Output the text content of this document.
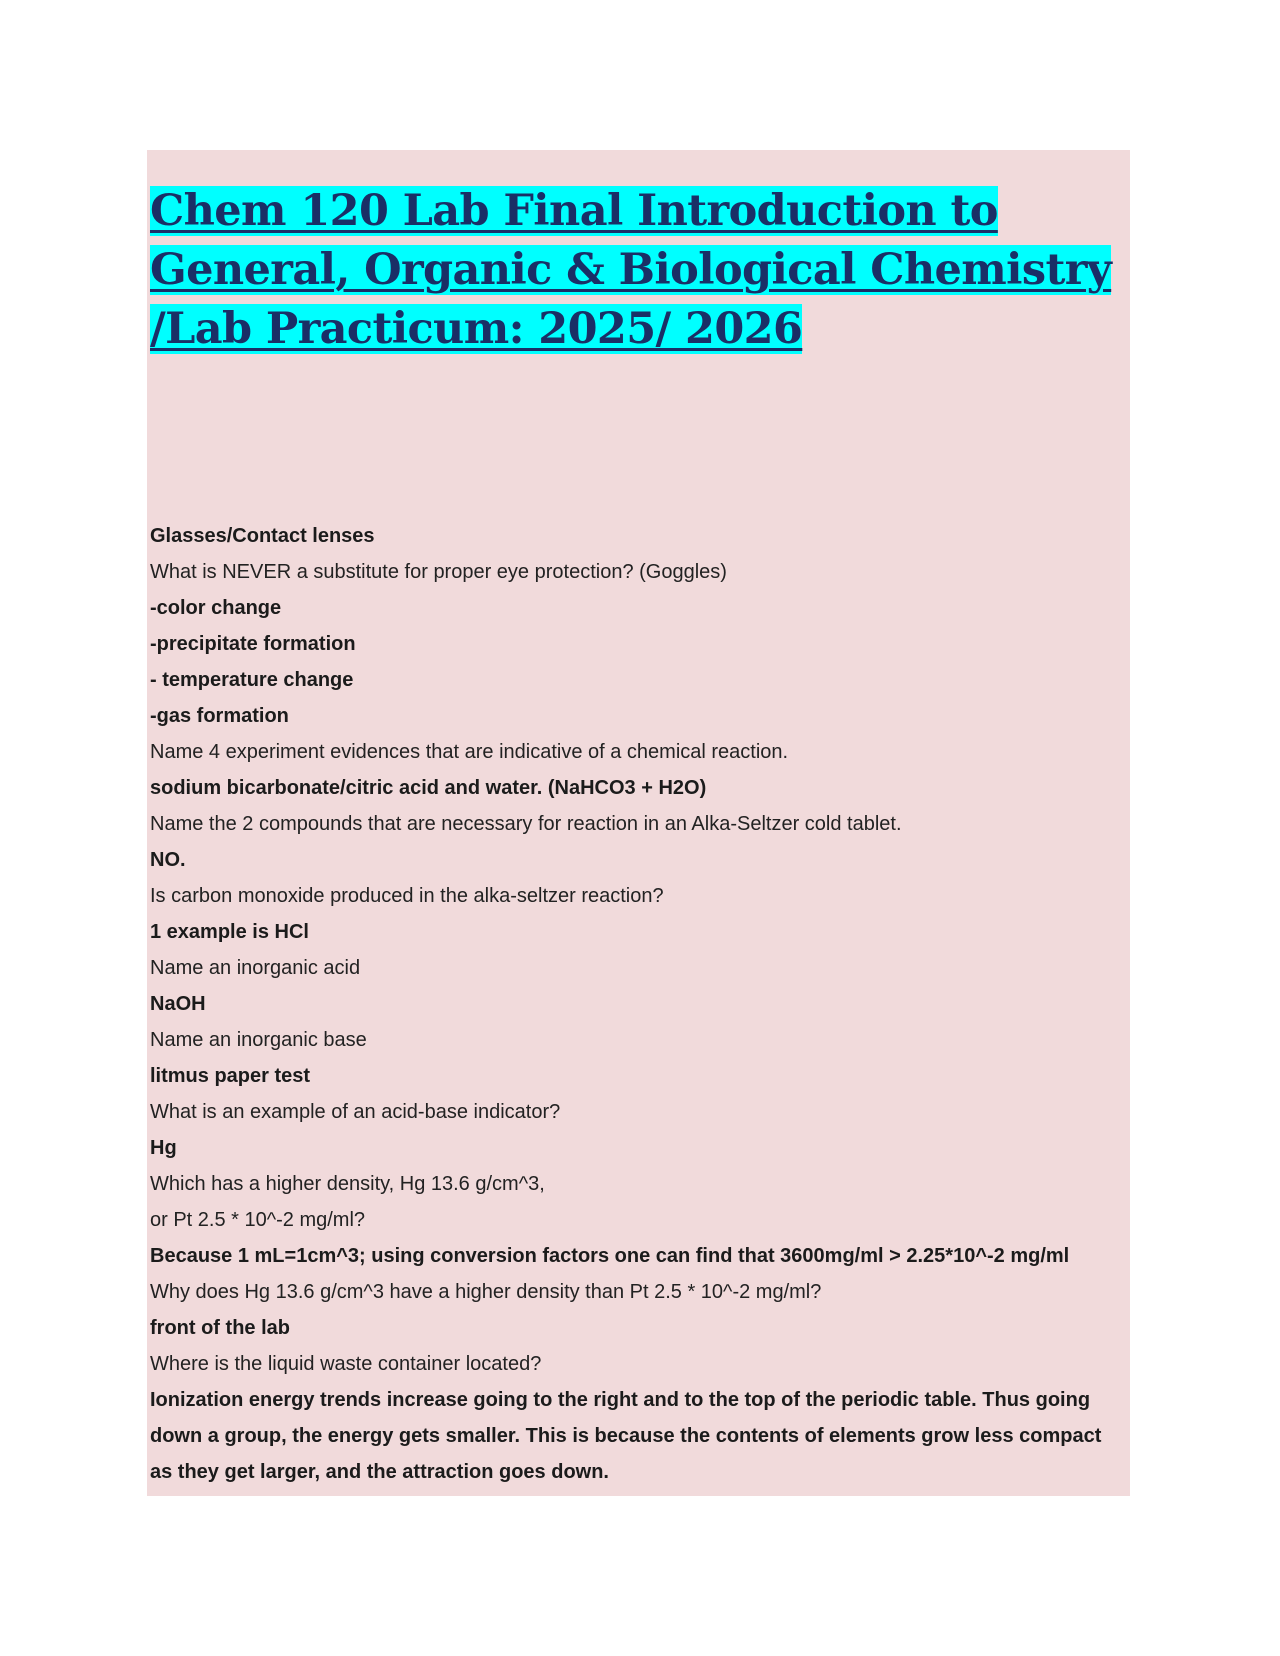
Chem 120 Lab Final Introduction to General, Organic & Biological Chemistry /Lab Practicum: 2025/ 2026
Glasses/Contact lenses
What is NEVER a substitute for proper eye protection? (Goggles)
-color change
-precipitate formation
- temperature change
-gas formation
Name 4 experiment evidences that are indicative of a chemical reaction.
sodium bicarbonate/citric acid and water. (NaHCO3 + H2O)
Name the 2 compounds that are necessary for reaction in an Alka-Seltzer cold tablet.
NO.
Is carbon monoxide produced in the alka-seltzer reaction?
1 example is HCl
Name an inorganic acid
NaOH
Name an inorganic base
litmus paper test
What is an example of an acid-base indicator?
Hg
Which has a higher density, Hg 13.6 g/cm^3,
or Pt 2.5 * 10^-2 mg/ml?
Because 1 mL=1cm^3; using conversion factors one can find that 3600mg/ml > 2.25*10^-2 mg/ml
Why does Hg 13.6 g/cm^3 have a higher density than Pt 2.5 * 10^-2 mg/ml?
front of the lab
Where is the liquid waste container located?
Ionization energy trends increase going to the right and to the top of the periodic table. Thus going down a group, the energy gets smaller. This is because the contents of elements grow less compact as they get larger, and the attraction goes down.
